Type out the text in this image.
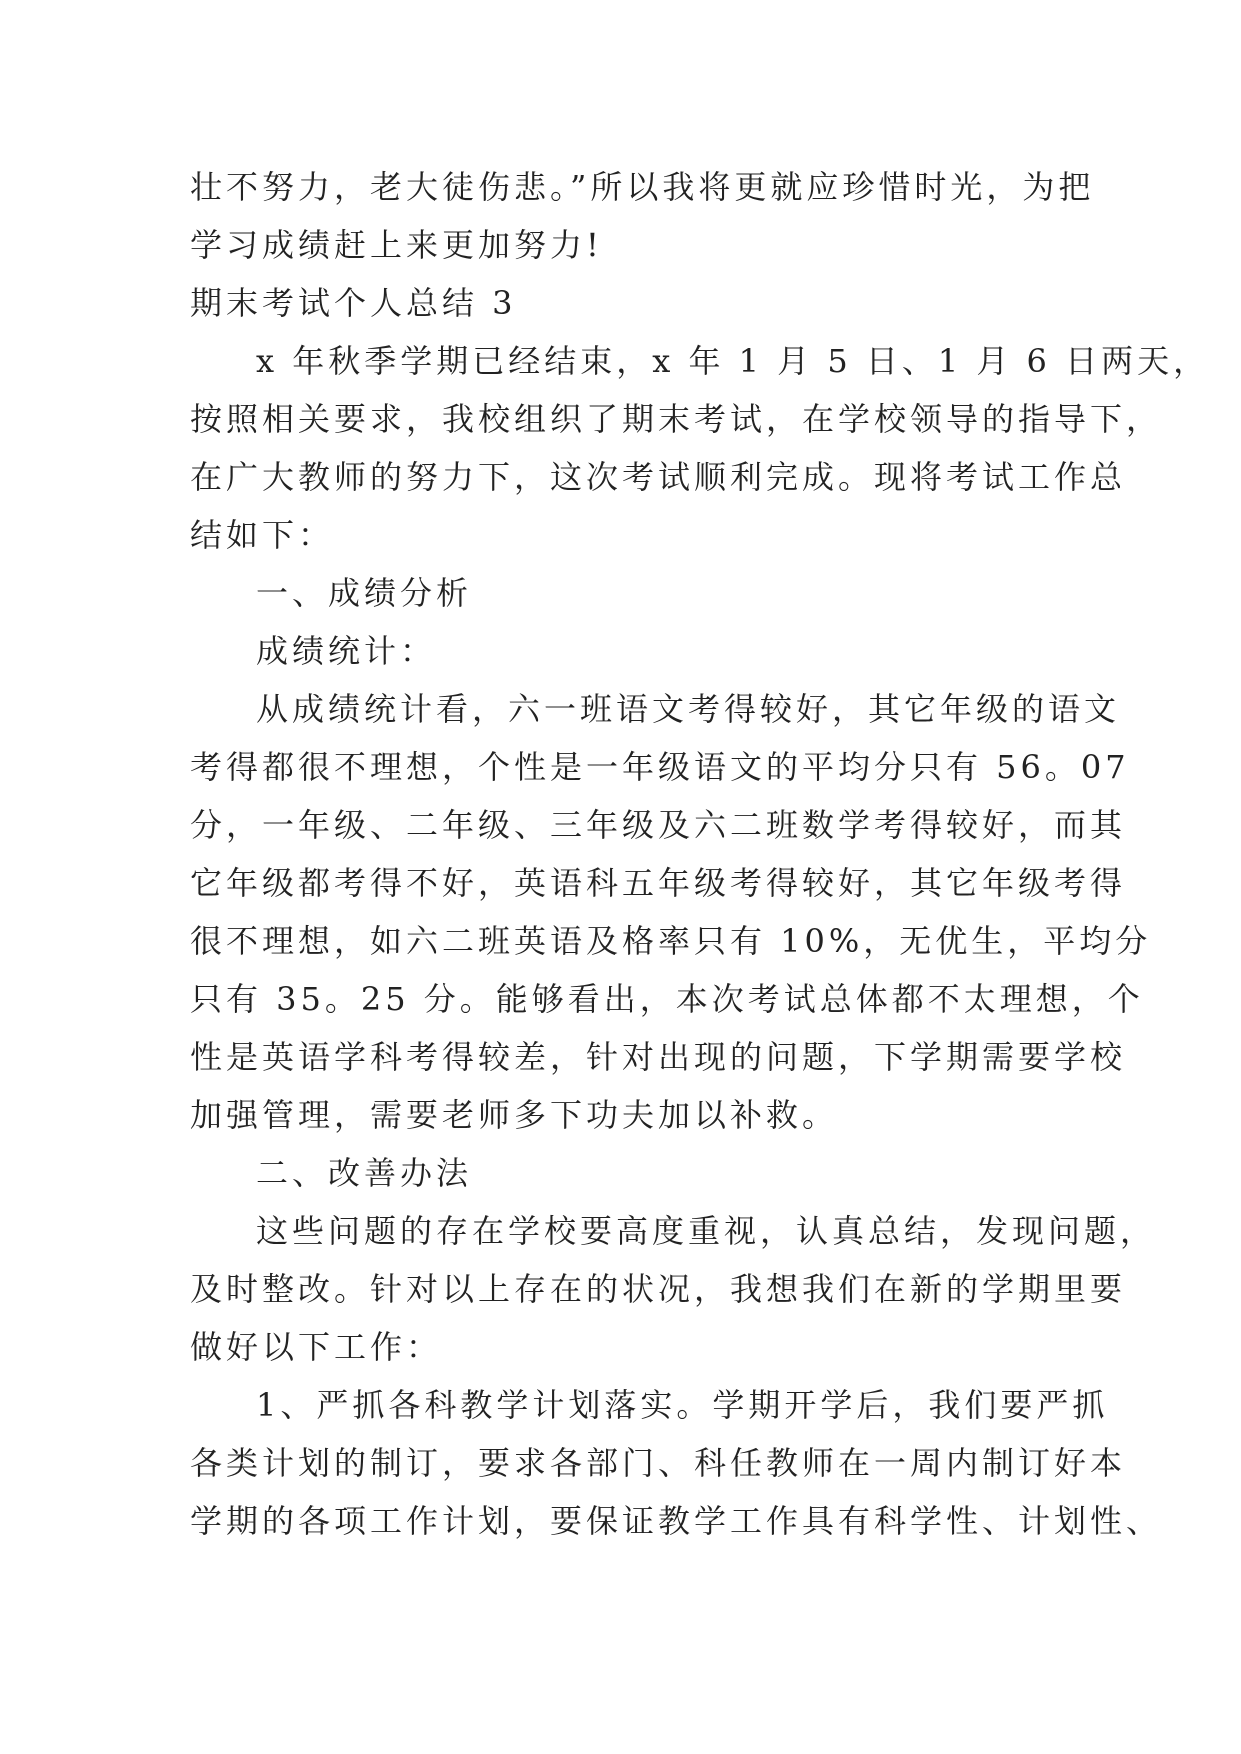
壮不努力，老大徒伤悲。”所以我将更就应珍惜时光，为把
学习成绩赶上来更加努力!
期末考试个人总结 3
x 年秋季学期已经结束，x 年 1 月 5 日、1 月 6 日两天，
按照相关要求，我校组织了期末考试，在学校领导的指导下，
在广大教师的努力下，这次考试顺利完成。现将考试工作总
结如下：
一、成绩分析
成绩统计：
从成绩统计看，六一班语文考得较好，其它年级的语文
考得都很不理想，个性是一年级语文的平均分只有 56。07
分，一年级、二年级、三年级及六二班数学考得较好，而其
它年级都考得不好，英语科五年级考得较好，其它年级考得
很不理想，如六二班英语及格率只有 10%，无优生，平均分
只有 35。25 分。能够看出，本次考试总体都不太理想，个
性是英语学科考得较差，针对出现的问题，下学期需要学校
加强管理，需要老师多下功夫加以补救。
二、改善办法
这些问题的存在学校要高度重视，认真总结，发现问题，
及时整改。针对以上存在的状况，我想我们在新的学期里要
做好以下工作：
1、严抓各科教学计划落实。学期开学后，我们要严抓
各类计划的制订，要求各部门、科任教师在一周内制订好本
学期的各项工作计划，要保证教学工作具有科学性、计划性、
